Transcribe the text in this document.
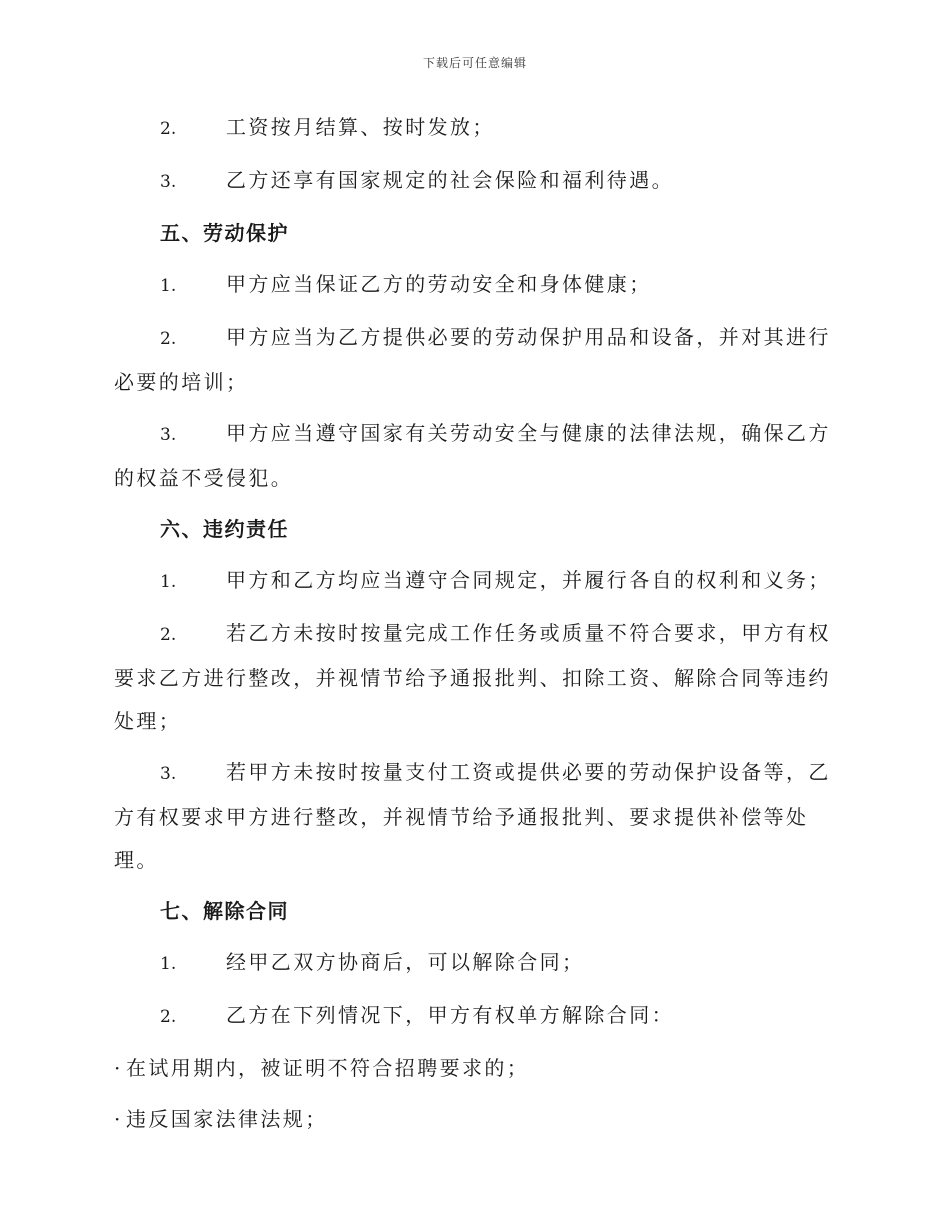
下载后可任意编辑
2. 工资按月结算、按时发放；
3. 乙方还享有国家规定的社会保险和福利待遇。
五、劳动保护
1. 甲方应当保证乙方的劳动安全和身体健康；
2. 甲方应当为乙方提供必要的劳动保护用品和设备，并对其进行必要的培训；
3. 甲方应当遵守国家有关劳动安全与健康的法律法规，确保乙方的权益不受侵犯。
六、违约责任
1. 甲方和乙方均应当遵守合同规定，并履行各自的权利和义务；
2. 若乙方未按时按量完成工作任务或质量不符合要求，甲方有权要求乙方进行整改，并视情节给予通报批判、扣除工资、解除合同等违约处理；
3. 若甲方未按时按量支付工资或提供必要的劳动保护设备等，乙方有权要求甲方进行整改，并视情节给予通报批判、要求提供补偿等处理。
七、解除合同
1. 经甲乙双方协商后，可以解除合同；
2. 乙方在下列情况下，甲方有权单方解除合同：
· 在试用期内，被证明不符合招聘要求的；
· 违反国家法律法规；
